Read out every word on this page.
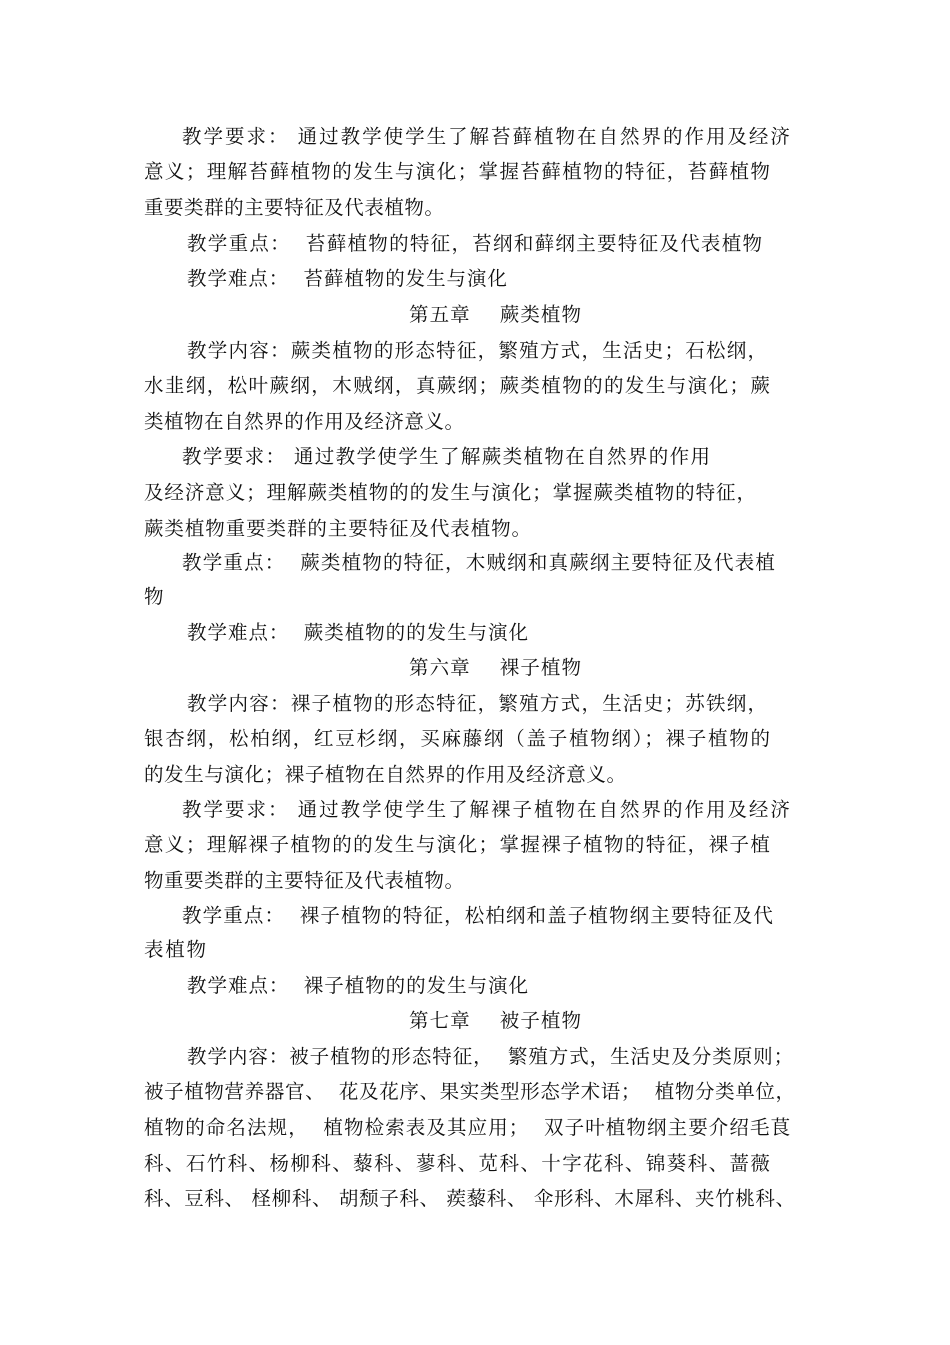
教学要求： 通过教学使学生了解苔藓植物在自然界的作用及经济
意义；理解苔藓植物的发生与演化；掌握苔藓植物的特征，苔藓植物
重要类群的主要特征及代表植物。
教学重点：  苔藓植物的特征，苔纲和藓纲主要特征及代表植物
教学难点：  苔藓植物的发生与演化
第五章    蕨类植物
教学内容：蕨类植物的形态特征，繁殖方式，生活史；石松纲，
水韭纲，松叶蕨纲，木贼纲，真蕨纲；蕨类植物的的发生与演化；蕨
类植物在自然界的作用及经济意义。
教学要求： 通过教学使学生了解蕨类植物在自然界的作用
及经济意义；理解蕨类植物的的发生与演化；掌握蕨类植物的特征，
蕨类植物重要类群的主要特征及代表植物。
教学重点：  蕨类植物的特征，木贼纲和真蕨纲主要特征及代表植
物
教学难点：  蕨类植物的的发生与演化
第六章    裸子植物
教学内容：裸子植物的形态特征，繁殖方式，生活史；苏铁纲，
银杏纲，松柏纲，红豆杉纲，买麻藤纲（盖子植物纲）；裸子植物的
的发生与演化；裸子植物在自然界的作用及经济意义。
教学要求： 通过教学使学生了解裸子植物在自然界的作用及经济
意义；理解裸子植物的的发生与演化；掌握裸子植物的特征，裸子植
物重要类群的主要特征及代表植物。
教学重点：  裸子植物的特征，松柏纲和盖子植物纲主要特征及代
表植物
教学难点：  裸子植物的的发生与演化
第七章    被子植物
教学内容：被子植物的形态特征，  繁殖方式，生活史及分类原则；
被子植物营养器官、  花及花序、果实类型形态学术语；  植物分类单位，
植物的命名法规，  植物检索表及其应用；  双子叶植物纲主要介绍毛茛
科、石竹科、杨柳科、藜科、蓼科、苋科、十字花科、锦葵科、蔷薇
科、豆科、 柽柳科、 胡颓子科、 蒺藜科、 伞形科、木犀科、夹竹桃科、
